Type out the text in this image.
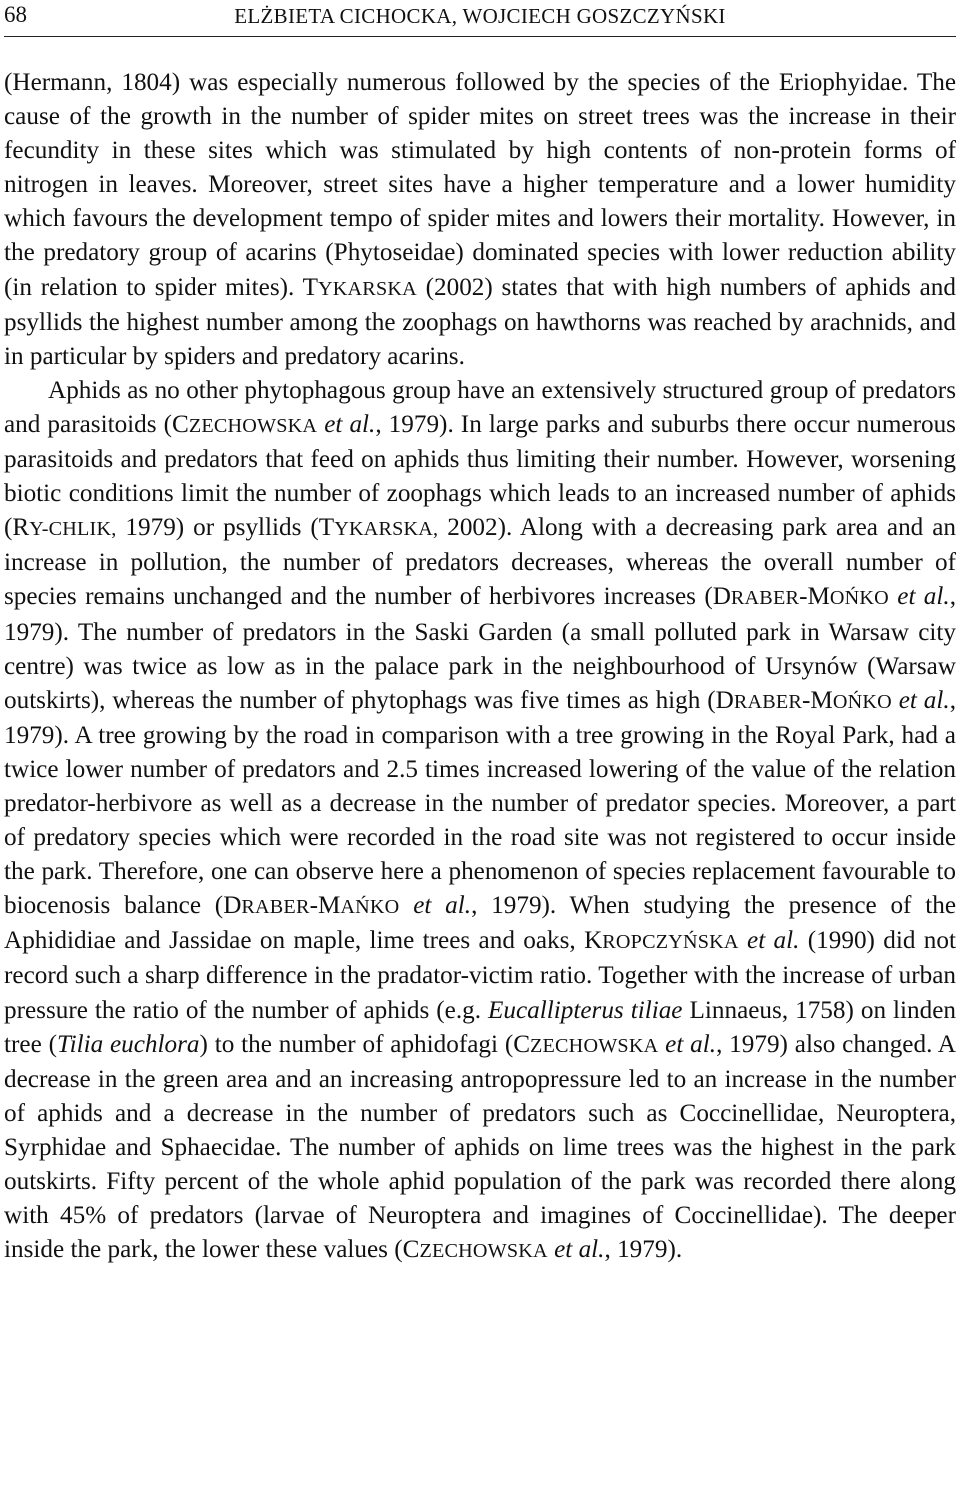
68	ELŻBIETA CICHOCKA, WOJCIECH GOSZCZYŃSKI

(Hermann, 1804) was especially numerous followed by the species of the Eriophyidae. The cause of the growth in the number of spider mites on street trees was the increase in their fecundity in these sites which was stimulated by high contents of non-protein forms of nitrogen in leaves. Moreover, street sites have a higher temperature and a lower humidity which favours the development tempo of spider mites and lowers their mortality. However, in the predatory group of acarins (Phytoseidae) dominated species with lower reduction ability (in relation to spider mites). TYKARSKA (2002) states that with high numbers of aphids and psyllids the highest number among the zoophags on hawthorns was reached by arachnids, and in particular by spiders and predatory acarins.

Aphids as no other phytophagous group have an extensively structured group of predators and parasitoids (CZECHOWSKA et al., 1979). In large parks and suburbs there occur numerous parasitoids and predators that feed on aphids thus limiting their number. However, worsening biotic conditions limit the number of zoophags which leads to an increased number of aphids (RY-CHLIK, 1979) or psyllids (TYKARSKA, 2002). Along with a decreasing park area and an increase in pollution, the number of predators decreases, whereas the overall number of species remains unchanged and the number of herbivores increases (DRABER-MOŃKO et al., 1979). The number of predators in the Saski Garden (a small polluted park in Warsaw city centre) was twice as low as in the palace park in the neighbourhood of Ursynów (Warsaw outskirts), whereas the number of phytophags was five times as high (DRABER-MOŃKO et al., 1979). A tree growing by the road in comparison with a tree growing in the Royal Park, had a twice lower number of predators and 2.5 times increased lowering of the value of the relation predator-herbivore as well as a decrease in the number of predator species. Moreover, a part of predatory species which were recorded in the road site was not registered to occur inside the park. Therefore, one can observe here a phenomenon of species replacement favourable to biocenosis balance (DRABER-MAŃKO et al., 1979). When studying the presence of the Aphididiae and Jassidae on maple, lime trees and oaks, KROPCZYŃSKA et al. (1990) did not record such a sharp difference in the pradator-victim ratio. Together with the increase of urban pressure the ratio of the number of aphids (e.g. Eucallipterus tiliae Linnaeus, 1758) on linden tree (Tilia euchlora) to the number of aphidofagi (CZECHOWSKA et al., 1979) also changed. A decrease in the green area and an increasing antropopressure led to an increase in the number of aphids and a decrease in the number of predators such as Coccinellidae, Neuroptera, Syrphidae and Sphaecidae. The number of aphids on lime trees was the highest in the park outskirts. Fifty percent of the whole aphid population of the park was recorded there along with 45% of predators (larvae of Neuroptera and imagines of Coccinellidae). The deeper inside the park, the lower these values (CZECHOWSKA et al., 1979).
